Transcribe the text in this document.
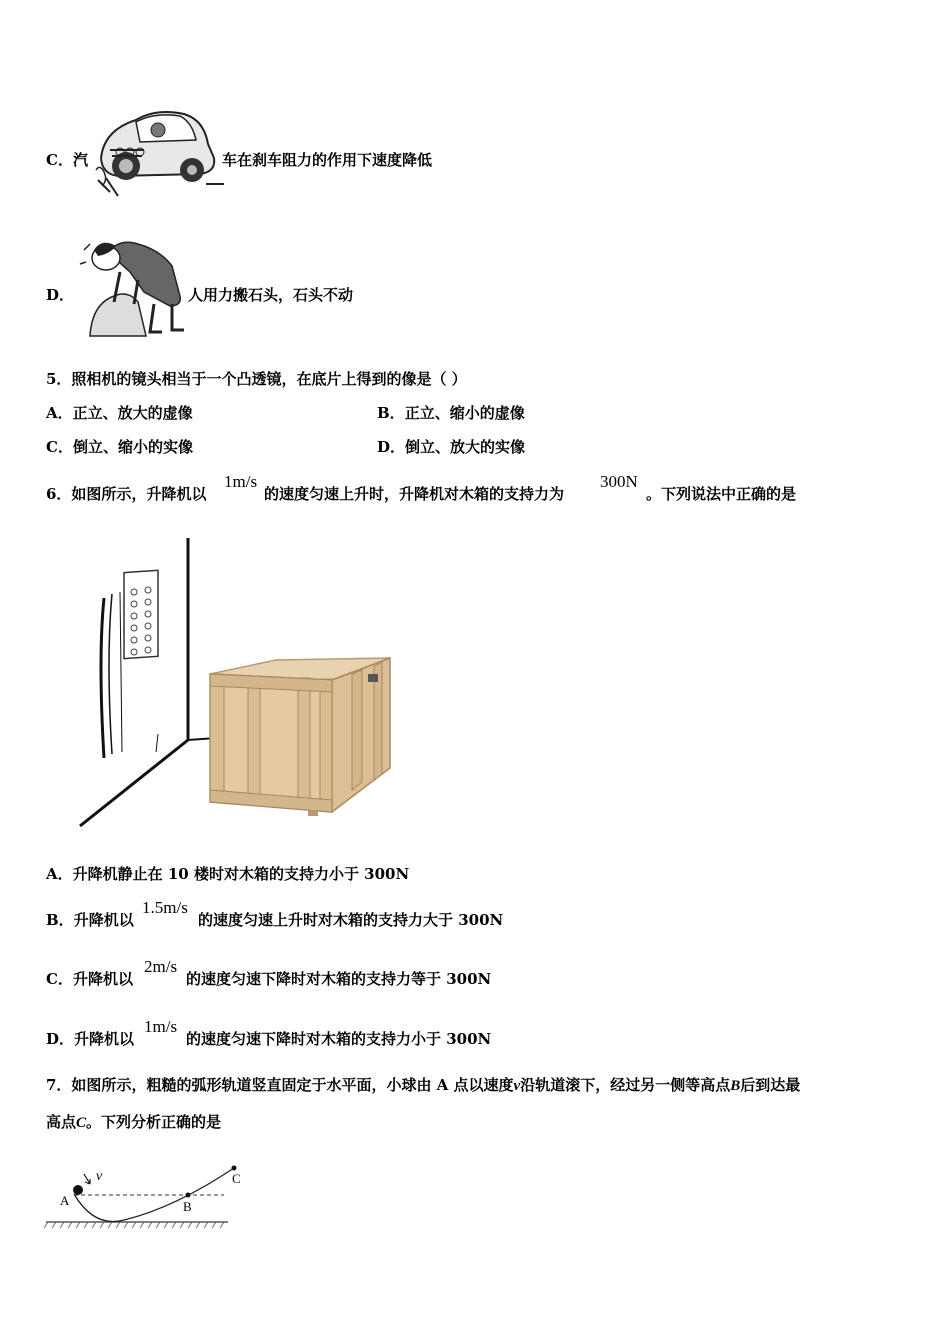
C．汽	车在刹车阻力的作用下速度降低
D．	人用力搬石头，石头不动
5．照相机的镜头相当于一个凸透镜，在底片上得到的像是（ ）
A．正立、放大的虚像	B．正立、缩小的虚像
C．倒立、缩小的实像	D．倒立、放大的实像
6．如图所示，升降机以
1m/s
的速度匀速上升时，升降机对木箱的支持力为
300N
。下列说法中正确的是
A．升降机静止在 10 楼时对木箱的支持力小于 300N
B．升降机以
1.5m/s
的速度匀速上升时对木箱的支持力大于 300N
C．升降机以
2m/s
的速度匀速下降时对木箱的支持力等于 300N
D．升降机以
1m/s
的速度匀速下降时对木箱的支持力小于 300N
7．如图所示，粗糙的弧形轨道竖直固定于水平面，小球由 A 点以速度v沿轨道滚下，经过另一侧等高点B后到达最
高点C。下列分析正确的是
A
v
B
C
